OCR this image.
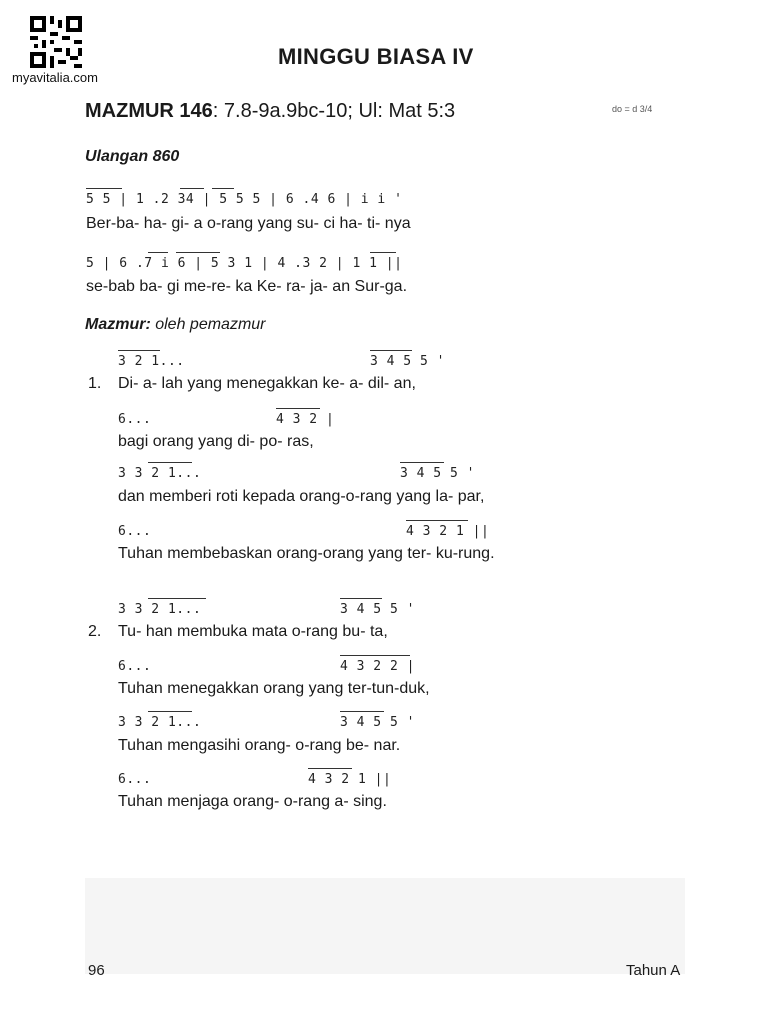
myavitalia.com
MINGGU BIASA IV
MAZMUR 146: 7.8-9a.9bc-10; Ul: Mat 5:3	do = d 3/4
Ulangan 860
5 5 | 1 .2 34 | 5 5 5 | 6 .4 6 | i i '
Ber-ba- ha- gi- a o-rang yang su- ci ha- ti- nya
5 | 6 .7 i 6 | 5 3 1 | 4 .3 2 | 1 1 ||
se-bab ba- gi me-re- ka Ke- ra- ja- an Sur-ga.
Mazmur: oleh pemazmur
3 2 1...	3 4 5 5 '
1. Di- a- lah yang menegakkan ke- a- dil- an,
6...	4 3 2 |
bagi orang yang di- po- ras,
3 3 2 1...	3 4 5 5 '
dan memberi roti kepada orang-o-rang yang la- par,
6...	4 3 2 1 ||
Tuhan membebaskan orang-orang yang ter- ku-rung.
3 3 2 1...	3 4 5 5 '
2. Tu- han membuka mata o-rang bu- ta,
6...	4 3 2 2 |
Tuhan menegakkan orang yang ter-tun-duk,
3 3 2 1...	3 4 5 5 '
Tuhan mengasihi orang- o-rang be- nar.
6...	4 3 2 1 ||
Tuhan menjaga orang- o-rang a- sing.
96	Tahun A
